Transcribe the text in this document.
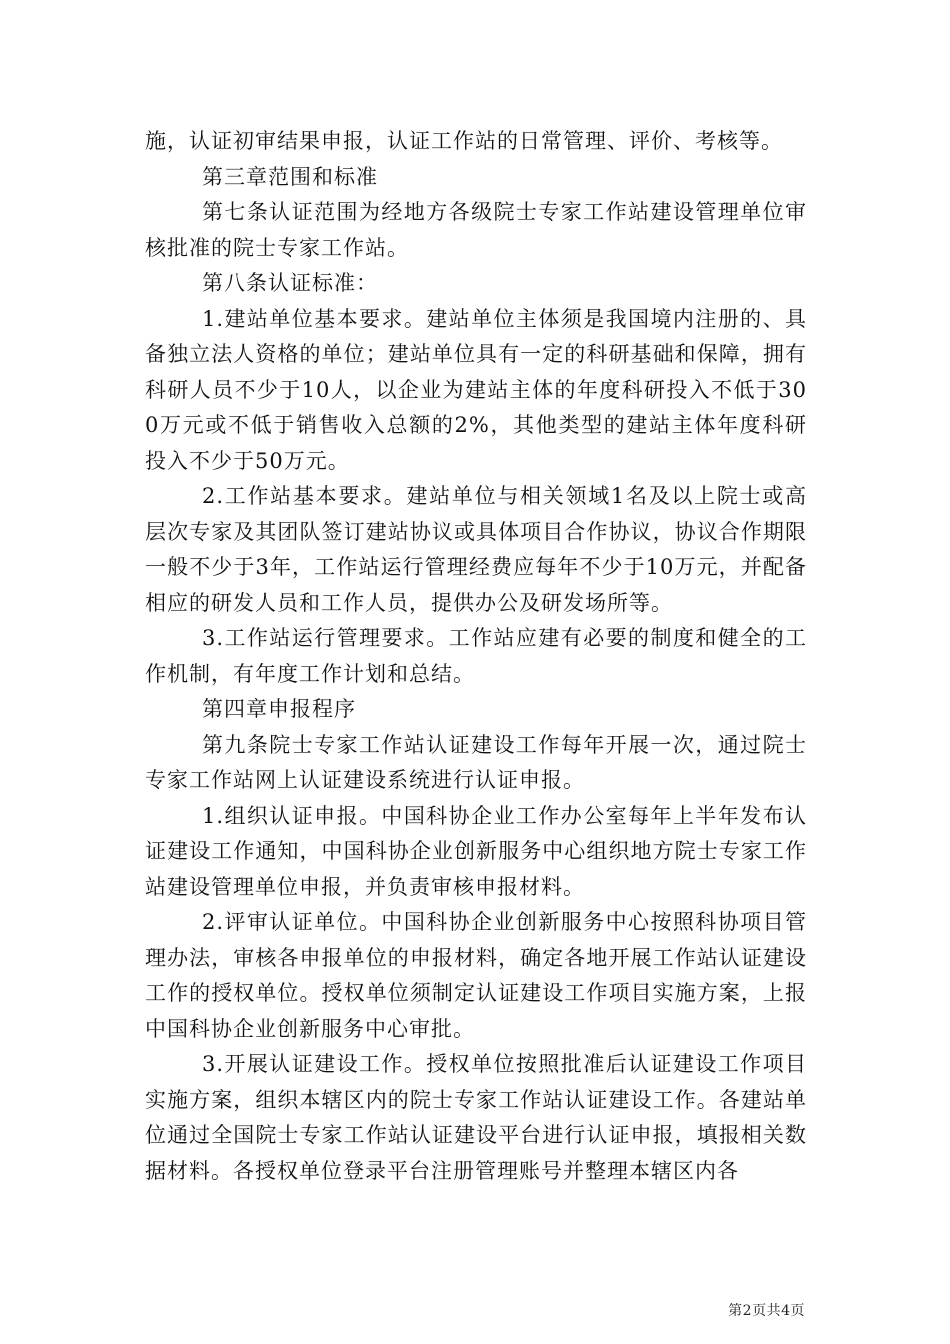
施，认证初审结果申报，认证工作站的日常管理、评价、考核等。

第三章范围和标准

第七条认证范围为经地方各级院士专家工作站建设管理单位审核批准的院士专家工作站。

第八条认证标准：

1.建站单位基本要求。建站单位主体须是我国境内注册的、具备独立法人资格的单位；建站单位具有一定的科研基础和保障，拥有科研人员不少于10人，以企业为建站主体的年度科研投入不低于300万元或不低于销售收入总额的2%，其他类型的建站主体年度科研投入不少于50万元。

2.工作站基本要求。建站单位与相关领域1名及以上院士或高层次专家及其团队签订建站协议或具体项目合作协议，协议合作期限一般不少于3年，工作站运行管理经费应每年不少于10万元，并配备相应的研发人员和工作人员，提供办公及研发场所等。

3.工作站运行管理要求。工作站应建有必要的制度和健全的工作机制，有年度工作计划和总结。

第四章申报程序

第九条院士专家工作站认证建设工作每年开展一次，通过院士专家工作站网上认证建设系统进行认证申报。

1.组织认证申报。中国科协企业工作办公室每年上半年发布认证建设工作通知，中国科协企业创新服务中心组织地方院士专家工作站建设管理单位申报，并负责审核申报材料。

2.评审认证单位。中国科协企业创新服务中心按照科协项目管理办法，审核各申报单位的申报材料，确定各地开展工作站认证建设工作的授权单位。授权单位须制定认证建设工作项目实施方案，上报中国科协企业创新服务中心审批。

3.开展认证建设工作。授权单位按照批准后认证建设工作项目实施方案，组织本辖区内的院士专家工作站认证建设工作。各建站单位通过全国院士专家工作站认证建设平台进行认证申报，填报相关数据材料。各授权单位登录平台注册管理账号并整理本辖区内各

第2页共4页
